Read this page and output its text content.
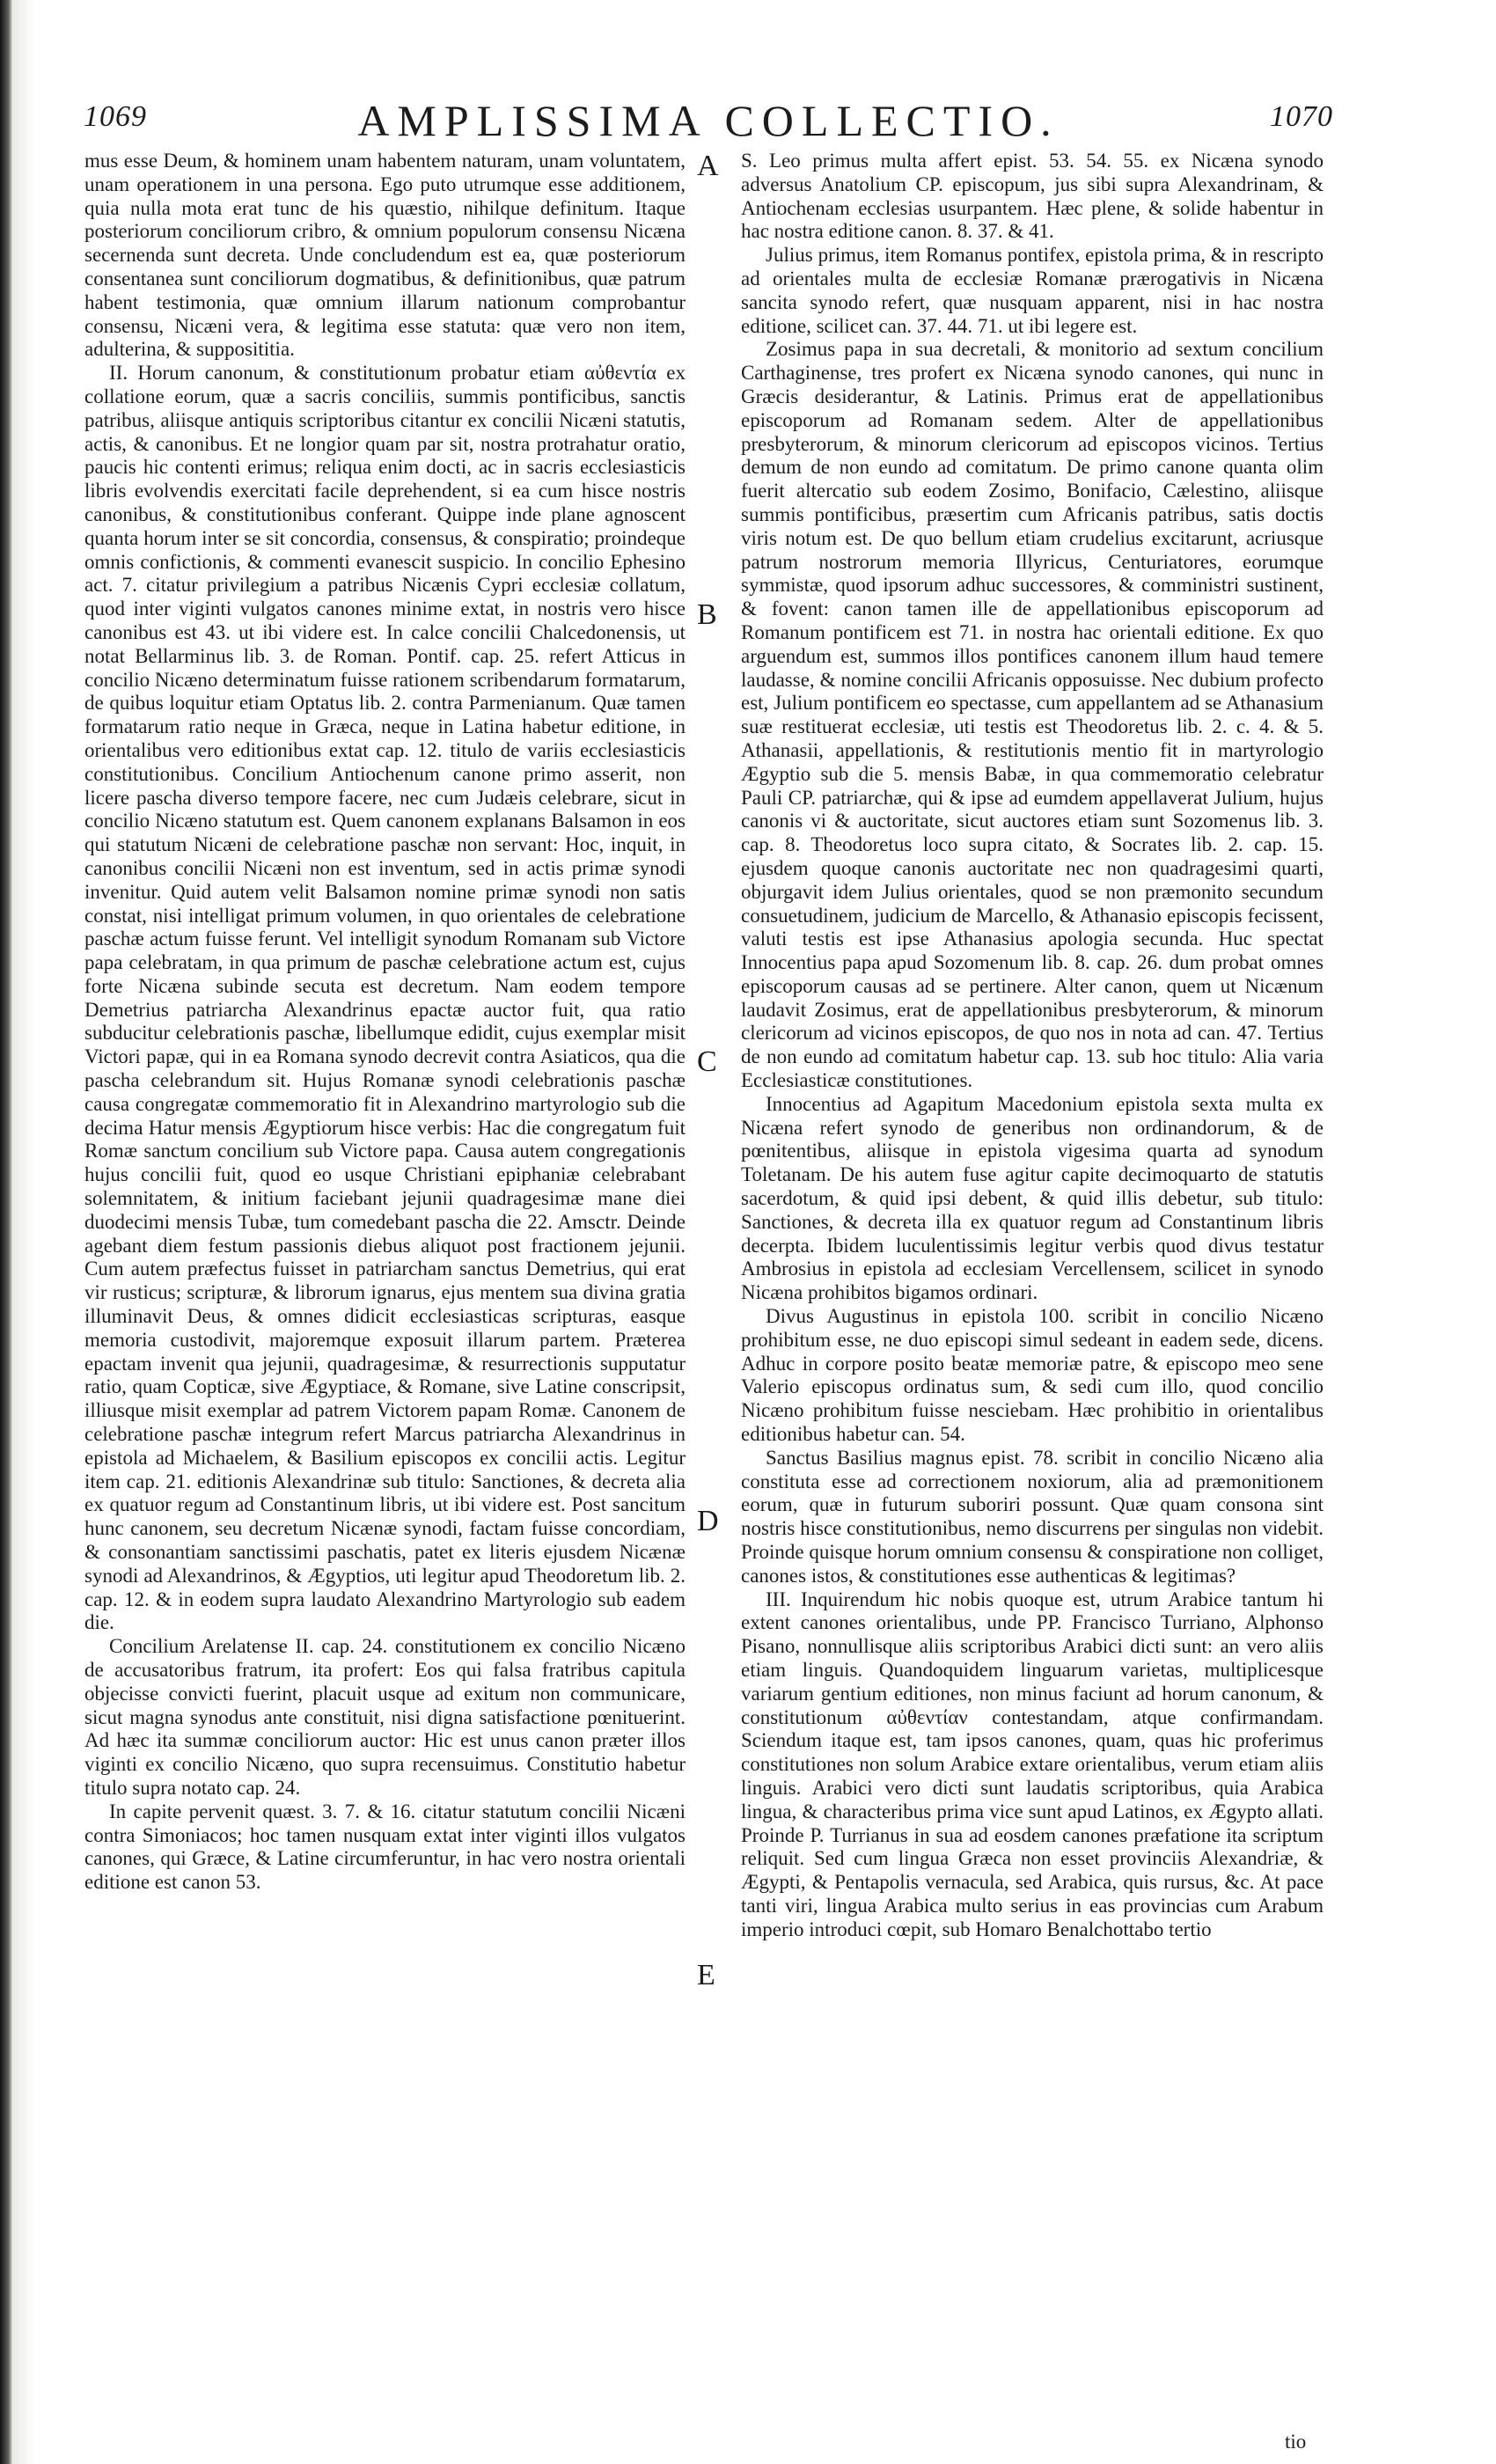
1069	AMPLISSIMA COLLECTIO.	1070

mus esse Deum, & hominem unam habentem naturam, unam voluntatem, unam operationem in una persona. Ego puto utrumque esse additionem, quia nulla mota erat tunc de his quæstio, nihilque definitum. Itaque posteriorum conciliorum cribro, & omnium populorum consensu Nicæna secernenda sunt decreta. Unde concludendum est ea, quæ posteriorum consentanea sunt conciliorum dogmatibus, & definitionibus, quæ patrum habent testimonia, quæ omnium illarum nationum comprobantur consensu, Nicæni vera, & legitima esse statuta: quæ vero non item, adulterina, & supposititia.

II. Horum canonum, & constitutionum probatur etiam αὐθεντία ex collatione eorum, quæ a sacris conciliis, summis pontificibus, sanctis patribus, aliisque antiquis scriptoribus citantur ex concilii Nicæni statutis, actis, & canonibus. Et ne longior quam par sit, nostra protrahatur oratio, paucis hic contenti erimus; reliqua enim docti, ac in sacris ecclesiasticis libris evolvendis exercitati facile deprehendent, si ea cum hisce nostris canonibus, & constitutionibus conferant. Quippe inde plane agnoscent quanta horum inter se sit concordia, consensus, & conspiratio; proindeque omnis confictionis, & commenti evanescit suspicio. In concilio Ephesino act. 7. citatur privilegium a patribus Nicænis Cypri ecclesiæ collatum, quod inter viginti vulgatos canones minime extat, in nostris vero hisce canonibus est 43. ut ibi videre est. In calce concilii Chalcedonensis, ut notat Bellarminus lib. 3. de Roman. Pontif. cap. 25. refert Atticus in concilio Nicæno determinatum fuisse rationem scribendarum formatarum, de quibus loquitur etiam Optatus lib. 2. contra Parmenianum. Quæ tamen formatarum ratio neque in Græca, neque in Latina habetur editione, in orientalibus vero editionibus extat cap. 12. titulo de variis ecclesiasticis constitutionibus. Concilium Antiochenum canone primo asserit, non licere pascha diverso tempore facere, nec cum Judæis celebrare, sicut in concilio Nicæno statutum est. Quem canonem explanans Balsamon in eos qui statutum Nicæni de celebratione paschæ non servant: Hoc, inquit, in canonibus concilii Nicæni non est inventum, sed in actis primæ synodi invenitur. Quid autem velit Balsamon nomine primæ synodi non satis constat, nisi intelligat primum volumen, in quo orientales de celebratione paschæ actum fuisse ferunt. Vel intelligit synodum Romanam sub Victore papa celebratam, in qua primum de paschæ celebratione actum est, cujus forte Nicæna subinde secuta est decretum. Nam eodem tempore Demetrius patriarcha Alexandrinus epactæ auctor fuit, qua ratio subducitur celebrationis paschæ, libellumque edidit, cujus exemplar misit Victori papæ, qui in ea Romana synodo decrevit contra Asiaticos, qua die pascha celebrandum sit. Hujus Romanæ synodi celebrationis paschæ causa congregatæ commemoratio fit in Alexandrino martyrologio sub die decima Hatur mensis Ægyptiorum hisce verbis: Hac die congregatum fuit Romæ sanctum concilium sub Victore papa. Causa autem congregationis hujus concilii fuit, quod eo usque Christiani epiphaniæ celebrabant solemnitatem, & initium faciebant jejunii quadragesimæ mane diei duodecimi mensis Tubæ, tum comedebant pascha die 22. Amsctr. Deinde agebant diem festum passionis diebus aliquot post fractionem jejunii. Cum autem præfectus fuisset in patriarcham sanctus Demetrius, qui erat vir rusticus; scripturæ, & librorum ignarus, ejus mentem sua divina gratia illuminavit Deus, & omnes didicit ecclesiasticas scripturas, easque memoria custodivit, majoremque exposuit illarum partem. Præterea epactam invenit qua jejunii, quadragesimæ, & resurrectionis supputatur ratio, quam Copticæ, sive Ægyptiace, & Romane, sive Latine conscripsit, illiusque misit exemplar ad patrem Victorem papam Romæ. Canonem de celebratione paschæ integrum refert Marcus patriarcha Alexandrinus in epistola ad Michaelem, & Basilium episcopos ex concilii actis. Legitur item cap. 21. editionis Alexandrinæ sub titulo: Sanctiones, & decreta alia ex quatuor regum ad Constantinum libris, ut ibi videre est. Post sancitum hunc canonem, seu decretum Nicænæ synodi, factam fuisse concordiam, & consonantiam sanctissimi paschatis, patet ex literis ejusdem Nicænæ synodi ad Alexandrinos, & Ægyptios, uti legitur apud Theodoretum lib. 2. cap. 12. & in eodem supra laudato Alexandrino Martyrologio sub eadem die.

Concilium Arelatense II. cap. 24. constitutionem ex concilio Nicæno de accusatoribus fratrum, ita profert: Eos qui falsa fratribus capitula objecisse convicti fuerint, placuit usque ad exitum non communicare, sicut magna synodus ante constituit, nisi digna satisfactione pœnituerint. Ad hæc ita summæ conciliorum auctor: Hic est unus canon præter illos viginti ex concilio Nicæno, quo supra recensuimus. Constitutio habetur titulo supra notato cap. 24.

In capite pervenit quæst. 3. 7. & 16. citatur statutum concilii Nicæni contra Simoniacos; hoc tamen nusquam extat inter viginti illos vulgatos canones, qui Græce, & Latine circumferuntur, in hac vero nostra orientali editione est canon 53.

A
B
C
D
E

S. Leo primus multa affert epist. 53. 54. 55. ex Nicæna synodo adversus Anatolium CP. episcopum, jus sibi supra Alexandrinam, & Antiochenam ecclesias usurpantem. Hæc plene, & solide habentur in hac nostra editione canon. 8. 37. & 41.

Julius primus, item Romanus pontifex, epistola prima, & in rescripto ad orientales multa de ecclesiæ Romanæ prærogativis in Nicæna sancita synodo refert, quæ nusquam apparent, nisi in hac nostra editione, scilicet can. 37. 44. 71. ut ibi legere est.

Zosimus papa in sua decretali, & monitorio ad sextum concilium Carthaginense, tres profert ex Nicæna synodo canones, qui nunc in Græcis desiderantur, & Latinis. Primus erat de appellationibus episcoporum ad Romanam sedem. Alter de appellationibus presbyterorum, & minorum clericorum ad episcopos vicinos. Tertius demum de non eundo ad comitatum. De primo canone quanta olim fuerit altercatio sub eodem Zosimo, Bonifacio, Cælestino, aliisque summis pontificibus, præsertim cum Africanis patribus, satis doctis viris notum est. De quo bellum etiam crudelius excitarunt, acriusque patrum nostrorum memoria Illyricus, Centuriatores, eorumque symmistæ, quod ipsorum adhuc successores, & comministri sustinent, & fovent: canon tamen ille de appellationibus episcoporum ad Romanum pontificem est 71. in nostra hac orientali editione. Ex quo arguendum est, summos illos pontifices canonem illum haud temere laudasse, & nomine concilii Africanis opposuisse. Nec dubium profecto est, Julium pontificem eo spectasse, cum appellantem ad se Athanasium suæ restituerat ecclesiæ, uti testis est Theodoretus lib. 2. c. 4. & 5. Athanasii, appellationis, & restitutionis mentio fit in martyrologio Ægyptio sub die 5. mensis Babæ, in qua commemoratio celebratur Pauli CP. patriarchæ, qui & ipse ad eumdem appellaverat Julium, hujus canonis vi & auctoritate, sicut auctores etiam sunt Sozomenus lib. 3. cap. 8. Theodoretus loco supra citato, & Socrates lib. 2. cap. 15. ejusdem quoque canonis auctoritate nec non quadragesimi quarti, objurgavit idem Julius orientales, quod se non præmonito secundum consuetudinem, judicium de Marcello, & Athanasio episcopis fecissent, valuti testis est ipse Athanasius apologia secunda. Huc spectat Innocentius papa apud Sozomenum lib. 8. cap. 26. dum probat omnes episcoporum causas ad se pertinere. Alter canon, quem ut Nicænum laudavit Zosimus, erat de appellationibus presbyterorum, & minorum clericorum ad vicinos episcopos, de quo nos in nota ad can. 47. Tertius de non eundo ad comitatum habetur cap. 13. sub hoc titulo: Alia varia Ecclesiasticæ constitutiones.

Innocentius ad Agapitum Macedonium epistola sexta multa ex Nicæna refert synodo de generibus non ordinandorum, & de pœnitentibus, aliisque in epistola vigesima quarta ad synodum Toletanam. De his autem fuse agitur capite decimoquarto de statutis sacerdotum, & quid ipsi debent, & quid illis debetur, sub titulo: Sanctiones, & decreta illa ex quatuor regum ad Constantinum libris decerpta. Ibidem luculentissimis legitur verbis quod divus testatur Ambrosius in epistola ad ecclesiam Vercellensem, scilicet in synodo Nicæna prohibitos bigamos ordinari.

Divus Augustinus in epistola 100. scribit in concilio Nicæno prohibitum esse, ne duo episcopi simul sedeant in eadem sede, dicens. Adhuc in corpore posito beatæ memoriæ patre, & episcopo meo sene Valerio episcopus ordinatus sum, & sedi cum illo, quod concilio Nicæno prohibitum fuisse nesciebam. Hæc prohibitio in orientalibus editionibus habetur can. 54.

Sanctus Basilius magnus epist. 78. scribit in concilio Nicæno alia constituta esse ad correctionem noxiorum, alia ad præmonitionem eorum, quæ in futurum suboriri possunt. Quæ quam consona sint nostris hisce constitutionibus, nemo discurrens per singulas non videbit. Proinde quisque horum omnium consensu & conspiratione non colliget, canones istos, & constitutiones esse authenticas & legitimas?

III. Inquirendum hic nobis quoque est, utrum Arabice tantum hi extent canones orientalibus, unde PP. Francisco Turriano, Alphonso Pisano, nonnullisque aliis scriptoribus Arabici dicti sunt: an vero aliis etiam linguis. Quandoquidem linguarum varietas, multiplicesque variarum gentium editiones, non minus faciunt ad horum canonum, & constitutionum αὐθεντίαν contestandam, atque confirmandam. Sciendum itaque est, tam ipsos canones, quam, quas hic proferimus constitutiones non solum Arabice extare orientalibus, verum etiam aliis linguis. Arabici vero dicti sunt laudatis scriptoribus, quia Arabica lingua, & characteribus prima vice sunt apud Latinos, ex Ægypto allati. Proinde P. Turrianus in sua ad eosdem canones præfatione ita scriptum reliquit. Sed cum lingua Græca non esset provinciis Alexandriæ, & Ægypti, & Pentapolis vernacula, sed Arabica, quis rursus, &c. At pace tanti viri, lingua Arabica multo serius in eas provincias cum Arabum imperio introduci cœpit, sub Homaro Benalchottabo tertio

tio
